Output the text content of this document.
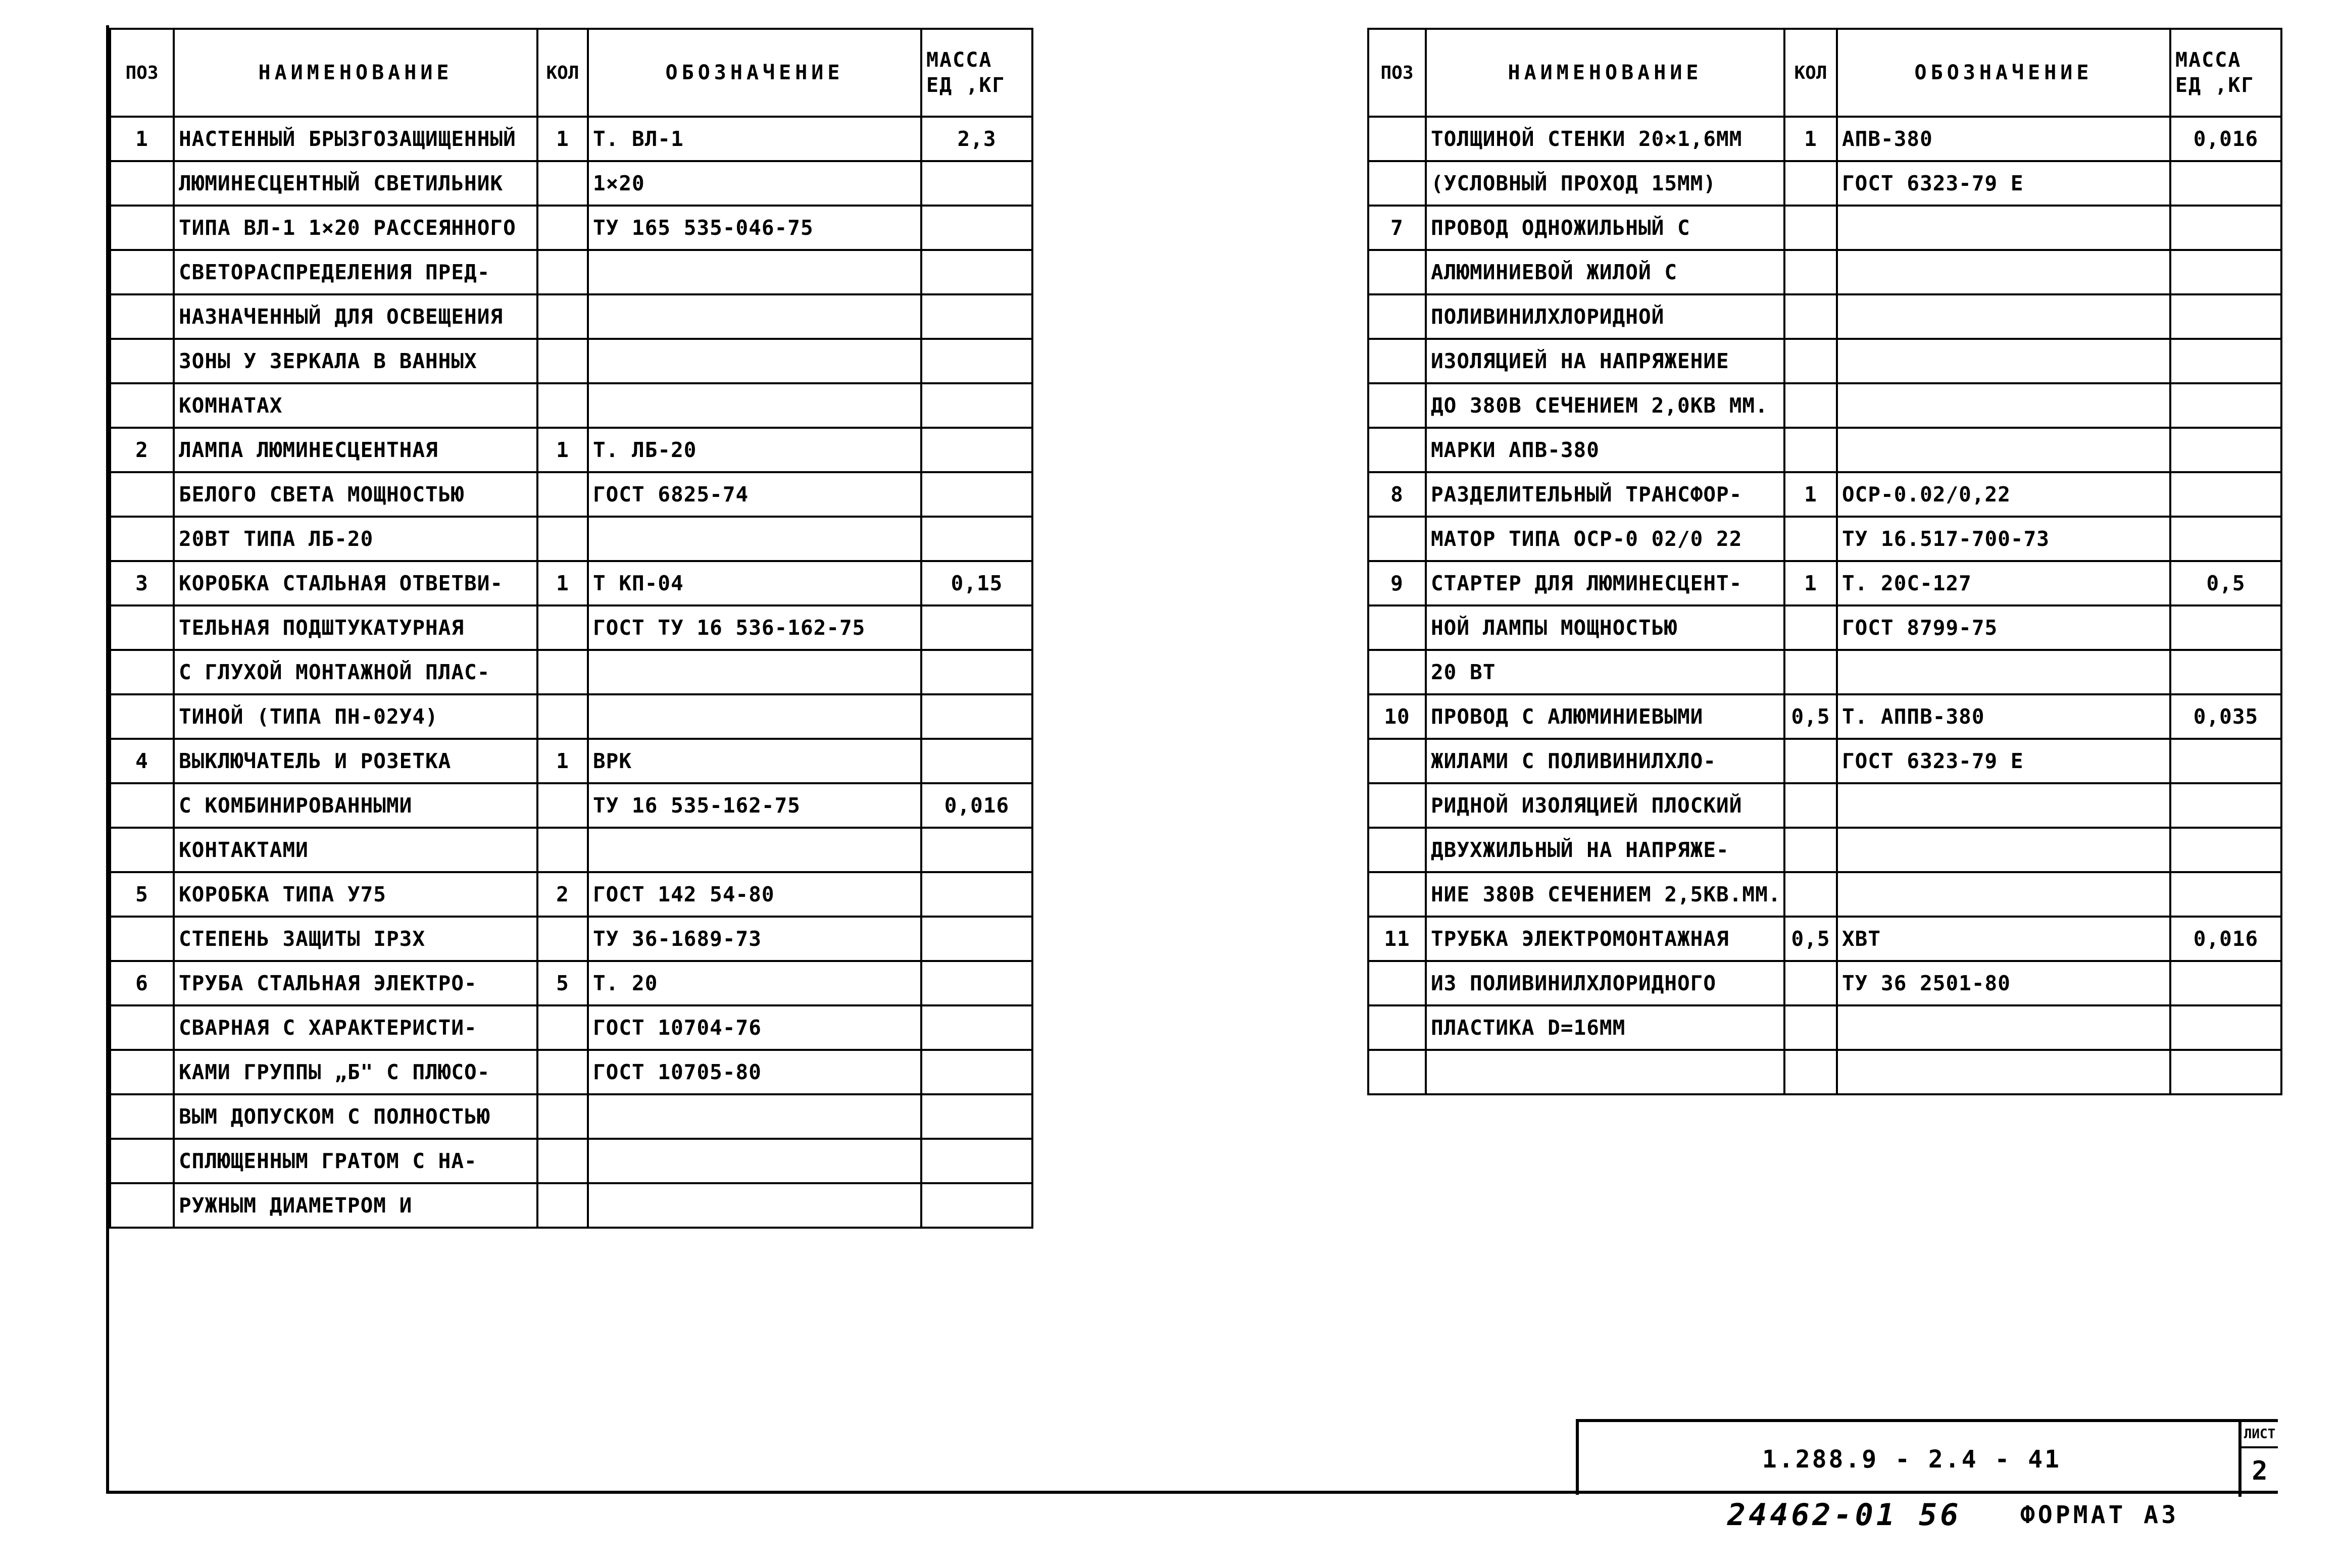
ПОЗ	НАИМЕНОВАНИЕ	КОЛ	ОБОЗНАЧЕНИЕ	МАССА
ЕД ,КГ
1	НАСТЕННЫЙ БРЫЗГОЗАЩИЩЕННЫЙ	1	Т. ВЛ-1	2,3
	ЛЮМИНЕСЦЕНТНЫЙ СВЕТИЛЬНИК		1×20	
	ТИПА ВЛ-1 1×20 РАССЕЯННОГО		ТУ 165 535-046-75	
	СВЕТОРАСПРЕДЕЛЕНИЯ ПРЕД-			
	НАЗНАЧЕННЫЙ ДЛЯ ОСВЕЩЕНИЯ			
	ЗОНЫ У ЗЕРКАЛА В ВАННЫХ			
	КОМНАТАХ			
2	ЛАМПА ЛЮМИНЕСЦЕНТНАЯ	1	Т. ЛБ-20	
	БЕЛОГО СВЕТА МОЩНОСТЬЮ		ГОСТ 6825-74	
	20ВТ ТИПА ЛБ-20			
3	КОРОБКА СТАЛЬНАЯ ОТВЕТВИ-	1	Т КП-04	0,15
	ТЕЛЬНАЯ ПОДШТУКАТУРНАЯ		ГОСТ ТУ 16 536-162-75	
	С ГЛУХОЙ МОНТАЖНОЙ ПЛАС-			
	ТИНОЙ (ТИПА ПН-02У4)			
4	ВЫКЛЮЧАТЕЛЬ И РОЗЕТКА	1	ВРК	
	С КОМБИНИРОВАННЫМИ		ТУ 16 535-162-75	0,016
	КОНТАКТАМИ			
5	КОРОБКА ТИПА У75	2	ГОСТ 142 54-80	
	СТЕПЕНЬ ЗАЩИТЫ IP3X		ТУ 36-1689-73	
6	ТРУБА СТАЛЬНАЯ ЭЛЕКТРО-	5	Т. 20	
	СВАРНАЯ С ХАРАКТЕРИСТИ-		ГОСТ 10704-76	
	КАМИ ГРУППЫ „Б" С ПЛЮСО-		ГОСТ 10705-80	
	ВЫМ ДОПУСКОМ С ПОЛНОСТЬЮ			
	СПЛЮЩЕННЫМ ГРАТОМ С НА-			
	РУЖНЫМ ДИАМЕТРОМ И			
ПОЗ	НАИМЕНОВАНИЕ	КОЛ	ОБОЗНАЧЕНИЕ	МАССА
ЕД ,КГ
	ТОЛЩИНОЙ СТЕНКИ 20×1,6ММ	1	АПВ-380	0,016
	(УСЛОВНЫЙ ПРОХОД 15ММ)		ГОСТ 6323-79 Е	
7	ПРОВОД ОДНОЖИЛЬНЫЙ С			
	АЛЮМИНИЕВОЙ ЖИЛОЙ С			
	ПОЛИВИНИЛХЛОРИДНОЙ			
	ИЗОЛЯЦИЕЙ НА НАПРЯЖЕНИЕ			
	ДО 380В СЕЧЕНИЕМ 2,0КВ ММ.			
	МАРКИ АПВ-380			
8	РАЗДЕЛИТЕЛЬНЫЙ ТРАНСФОР-	1	ОСР-0.02/0,22	
	МАТОР ТИПА ОСР-0 02/0 22		ТУ 16.517-700-73	
9	СТАРТЕР ДЛЯ ЛЮМИНЕСЦЕНТ-	1	Т. 20С-127	0,5
	НОЙ ЛАМПЫ МОЩНОСТЬЮ		ГОСТ 8799-75	
	20 ВТ			
10	ПРОВОД С АЛЮМИНИЕВЫМИ	0,5	Т. АППВ-380	0,035
	ЖИЛАМИ С ПОЛИВИНИЛХЛО-		ГОСТ 6323-79 Е	
	РИДНОЙ ИЗОЛЯЦИЕЙ ПЛОСКИЙ			
	ДВУХЖИЛЬНЫЙ НА НАПРЯЖЕ-			
	НИЕ 380В СЕЧЕНИЕМ 2,5КВ.ММ.			
11	ТРУБКА ЭЛЕКТРОМОНТАЖНАЯ	0,5	ХВТ	0,016
	ИЗ ПОЛИВИНИЛХЛОРИДНОГО		ТУ 36 2501-80	
	ПЛАСТИКА D=16ММ			

1.288.9 - 2.4 - 41
ЛИСТ
2
24462-01 56 ФОРМАТ А3
